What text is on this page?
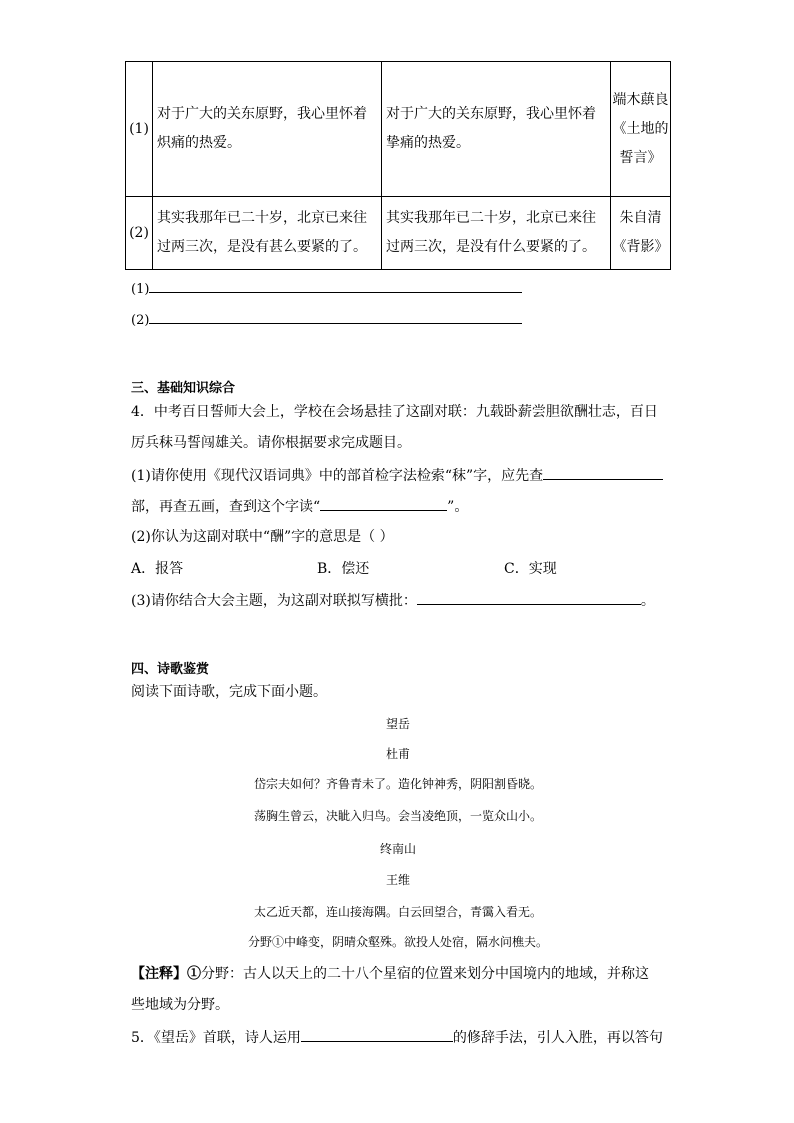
(1)	对于广大的关东原野，我心里怀着炽痛的热爱。	对于广大的关东原野，我心里怀着挚痛的热爱。	端木蕻良《土地的誓言》
(2)	其实我那年已二十岁，北京已来往过两三次，是没有甚么要紧的了。	其实我那年已二十岁，北京已来往过两三次，是没有什么要紧的了。	朱自清《背影》
(1)
(2)
三、基础知识综合
4．中考百日誓师大会上，学校在会场悬挂了这副对联：九载卧薪尝胆欲酬壮志，百日
厉兵秣马誓闯雄关。请你根据要求完成题目。
(1)请你使用《现代汉语词典》中的部首检字法检索“秣”字，应先查
部，再查五画，查到这个字读“	”。
(2)你认为这副对联中“酬”字的意思是（ ）
A．报答	B．偿还	C．实现
(3)请你结合大会主题，为这副对联拟写横批：	。
四、诗歌鉴赏
阅读下面诗歌，完成下面小题。
望岳
杜甫
岱宗夫如何？齐鲁青未了。造化钟神秀，阴阳割昏晓。
荡胸生曾云，决眦入归鸟。会当凌绝顶，一览众山小。
终南山
王维
太乙近天都，连山接海隅。白云回望合，青霭入看无。
分野①中峰变，阴晴众壑殊。欲投人处宿，隔水问樵夫。
【注释】①分野：古人以天上的二十八个星宿的位置来划分中国境内的地域，并称这
些地域为分野。
5．《望岳》首联，诗人运用	的修辞手法，引人入胜，再以答句
